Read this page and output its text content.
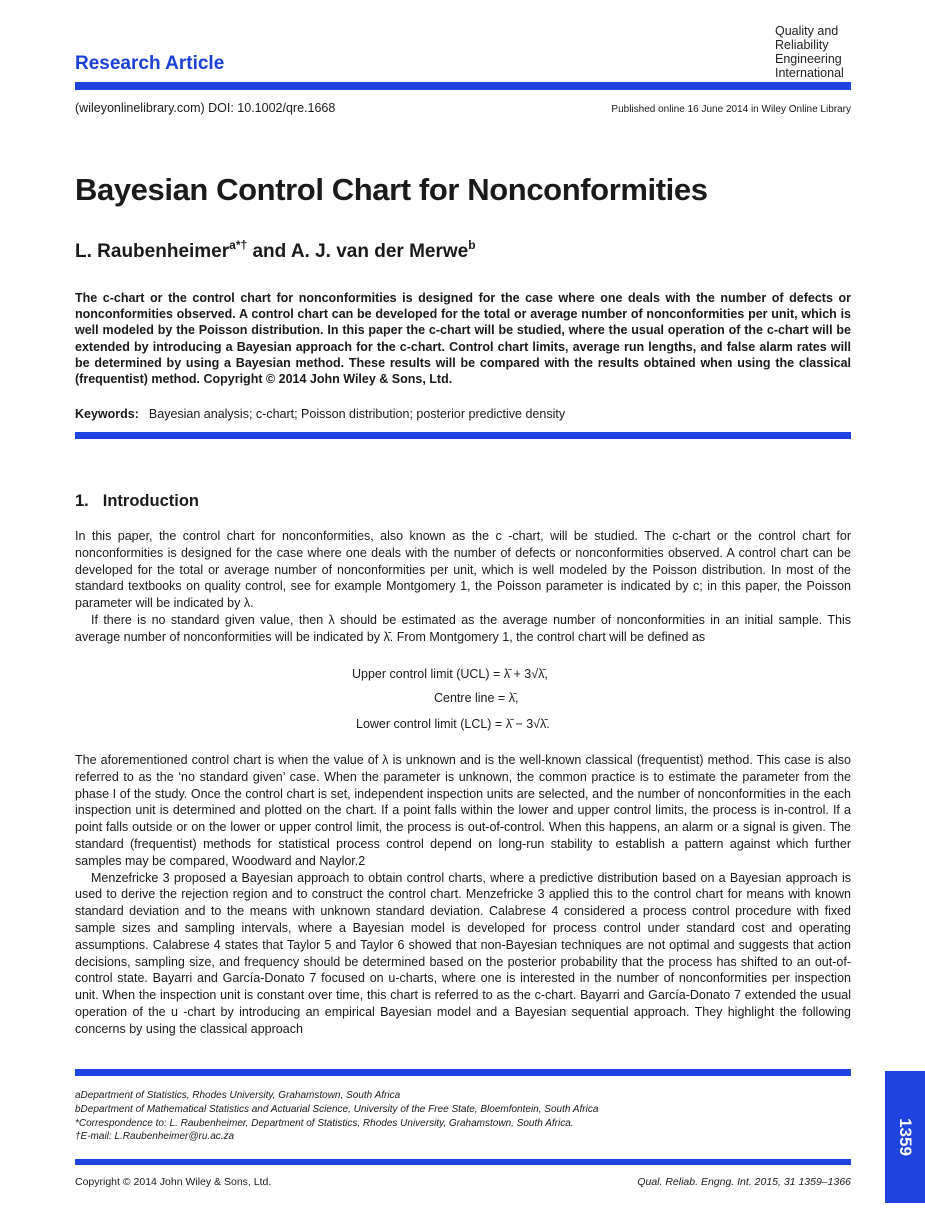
Quality and
Reliability
Engineering
International
Research Article
(wileyonlinelibrary.com) DOI: 10.1002/qre.1668	Published online 16 June 2014 in Wiley Online Library
Bayesian Control Chart for Nonconformities
L. Raubenheimer$^{a*\dagger}$ and A. J. van der Merwe$^b$
The c-chart or the control chart for nonconformities is designed for the case where one deals with the number of defects or nonconformities observed. A control chart can be developed for the total or average number of nonconformities per unit, which is well modeled by the Poisson distribution. In this paper the c-chart will be studied, where the usual operation of the c-chart will be extended by introducing a Bayesian approach for the c-chart. Control chart limits, average run lengths, and false alarm rates will be determined by using a Bayesian method. These results will be compared with the results obtained when using the classical (frequentist) method. Copyright © 2014 John Wiley & Sons, Ltd.
Keywords: Bayesian analysis; c-chart; Poisson distribution; posterior predictive density
1. Introduction

In this paper, the control chart for nonconformities, also known as the c -chart, will be studied. The c-chart or the control chart for nonconformities is designed for the case where one deals with the number of defects or nonconformities observed. A control chart can be developed for the total or average number of nonconformities per unit, which is well modeled by the Poisson distribution. In most of the standard textbooks on quality control, see for example Montgomery 1, the Poisson parameter is indicated by c; in this paper, the Poisson parameter will be indicated by λ.

If there is no standard given value, then λ should be estimated as the average number of nonconformities in an initial sample. This average number of nonconformities will be indicated by λ̄. From Montgomery 1, the control chart will be defined as

Upper control limit (UCL) = λ̄ + 3√λ̄,
Centre line = λ̄,
Lower control limit (LCL) = λ̄ − 3√λ̄.

The aforementioned control chart is when the value of λ is unknown and is the well-known classical (frequentist) method. This case is also referred to as the ‘no standard given’ case. When the parameter is unknown, the common practice is to estimate the parameter from the phase I of the study. Once the control chart is set, independent inspection units are selected, and the number of nonconformities in the each inspection unit is determined and plotted on the chart. If a point falls within the lower and upper control limits, the process is in-control. If a point falls outside or on the lower or upper control limit, the process is out-of-control. When this happens, an alarm or a signal is given. The standard (frequentist) methods for statistical process control depend on long-run stability to establish a pattern against which further samples may be compared, Woodward and Naylor.2

Menzefricke 3 proposed a Bayesian approach to obtain control charts, where a predictive distribution based on a Bayesian approach is used to derive the rejection region and to construct the control chart. Menzefricke 3 applied this to the control chart for means with known standard deviation and to the means with unknown standard deviation. Calabrese 4 considered a process control procedure with fixed sample sizes and sampling intervals, where a Bayesian model is developed for process control under standard cost and operating assumptions. Calabrese 4 states that Taylor 5 and Taylor 6 showed that non-Bayesian techniques are not optimal and suggests that action decisions, sampling size, and frequency should be determined based on the posterior probability that the process has shifted to an out-of-control state. Bayarri and García-Donato 7 focused on u-charts, where one is interested in the number of nonconformities per inspection unit. When the inspection unit is constant over time, this chart is referred to as the c-chart. Bayarri and García-Donato 7 extended the usual operation of the u -chart by introducing an empirical Bayesian model and a Bayesian sequential approach. They highlight the following concerns by using the classical approach

aDepartment of Statistics, Rhodes University, Grahamstown, South Africa
bDepartment of Mathematical Statistics and Actuarial Science, University of the Free State, Bloemfontein, South Africa
*Correspondence to: L. Raubenheimer, Department of Statistics, Rhodes University, Grahamstown, South Africa.
†E-mail: L.Raubenheimer@ru.ac.za
Copyright © 2014 John Wiley & Sons, Ltd.	Qual. Reliab. Engng. Int. 2015, 31 1359–1366
1359
